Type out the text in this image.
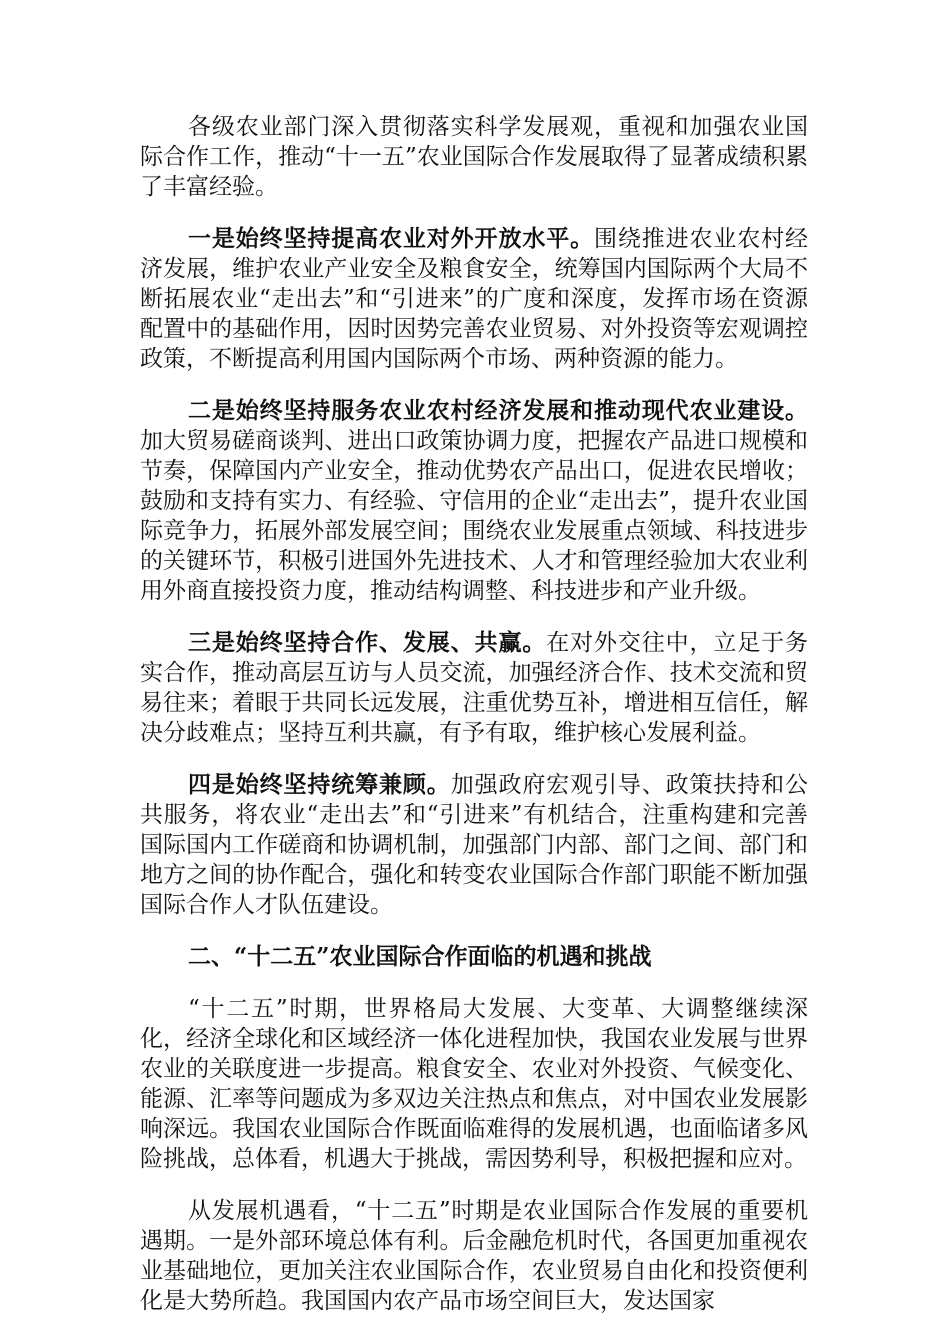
各级农业部门深入贯彻落实科学发展观，重视和加强农业国际合作工作，推动“十一五”农业国际合作发展取得了显著成绩积累了丰富经验。

一是始终坚持提高农业对外开放水平。围绕推进农业农村经济发展，维护农业产业安全及粮食安全，统筹国内国际两个大局不断拓展农业“走出去”和“引进来”的广度和深度，发挥市场在资源配置中的基础作用，因时因势完善农业贸易、对外投资等宏观调控政策，不断提高利用国内国际两个市场、两种资源的能力。

二是始终坚持服务农业农村经济发展和推动现代农业建设。加大贸易磋商谈判、进出口政策协调力度，把握农产品进口规模和节奏，保障国内产业安全，推动优势农产品出口，促进农民增收；鼓励和支持有实力、有经验、守信用的企业“走出去”，提升农业国际竞争力，拓展外部发展空间；围绕农业发展重点领域、科技进步的关键环节，积极引进国外先进技术、人才和管理经验加大农业利用外商直接投资力度，推动结构调整、科技进步和产业升级。

三是始终坚持合作、发展、共赢。在对外交往中，立足于务实合作，推动高层互访与人员交流，加强经济合作、技术交流和贸易往来；着眼于共同长远发展，注重优势互补，增进相互信任，解决分歧难点；坚持互利共赢，有予有取，维护核心发展利益。

四是始终坚持统筹兼顾。加强政府宏观引导、政策扶持和公共服务，将农业“走出去”和“引进来”有机结合，注重构建和完善国际国内工作磋商和协调机制，加强部门内部、部门之间、部门和地方之间的协作配合，强化和转变农业国际合作部门职能不断加强国际合作人才队伍建设。

二、“十二五”农业国际合作面临的机遇和挑战

“十二五”时期，世界格局大发展、大变革、大调整继续深化，经济全球化和区域经济一体化进程加快，我国农业发展与世界农业的关联度进一步提高。粮食安全、农业对外投资、气候变化、能源、汇率等问题成为多双边关注热点和焦点，对中国农业发展影响深远。我国农业国际合作既面临难得的发展机遇，也面临诸多风险挑战，总体看，机遇大于挑战，需因势利导，积极把握和应对。

从发展机遇看，“十二五”时期是农业国际合作发展的重要机遇期。一是外部环境总体有利。后金融危机时代，各国更加重视农业基础地位，更加关注农业国际合作，农业贸易自由化和投资便利化是大势所趋。我国国内农产品市场空间巨大，发达国家
